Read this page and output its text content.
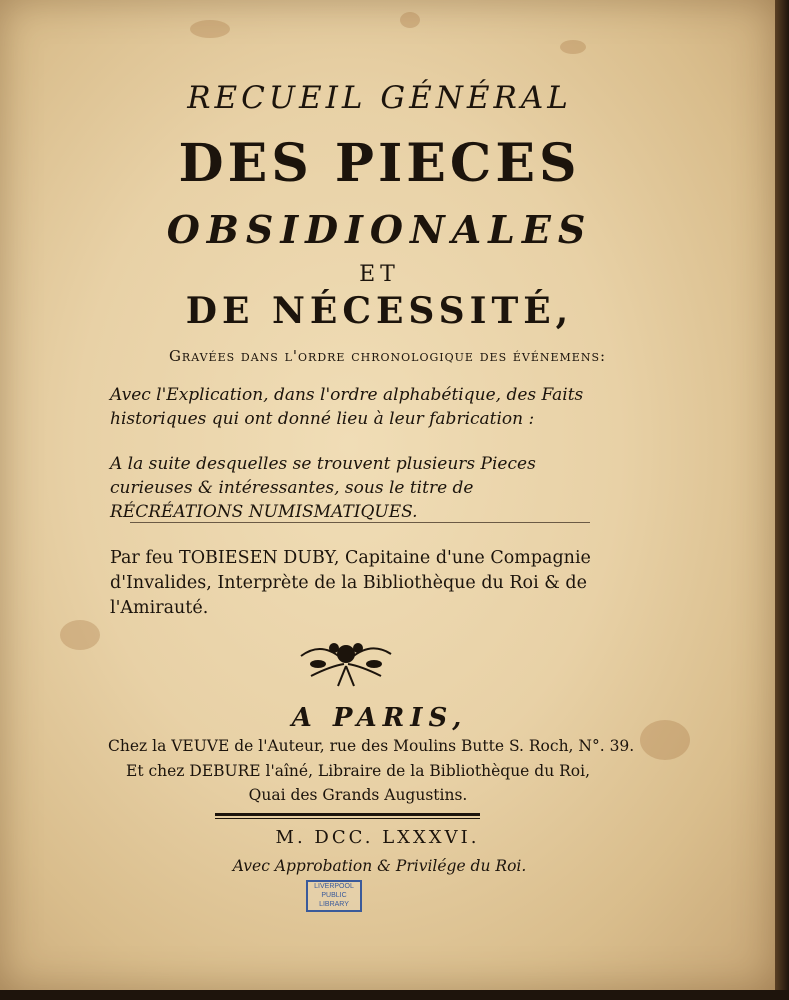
RECUEIL GÉNÉRAL
DES PIECES
OBSIDIONALES
ET
DE NÉCESSITÉ,
Gravées dans l'ordre chronologique des événemens:
Avec l'Explication, dans l'ordre alphabétique, des Faits historiques qui ont donné lieu à leur fabrication :
A la suite desquelles se trouvent plusieurs Pieces curieuses & intéressantes, sous le titre de RÉCRÉATIONS NUMISMATIQUES.
Par feu TOBIESEN DUBY, Capitaine d'une Compagnie d'Invalides, Interprète de la Bibliothèque du Roi & de l'Amirauté.
A PARIS,
Chez la VEUVE de l'Auteur, rue des Moulins Butte S. Roch, N°. 39.
Et chez DEBURE l'aîné, Libraire de la Bibliothèque du Roi,
Quai des Grands Augustins.
M. DCC. LXXXVI.
Avec Approbation & Privilége du Roi.
LIVERPOOL PUBLIC LIBRARY
